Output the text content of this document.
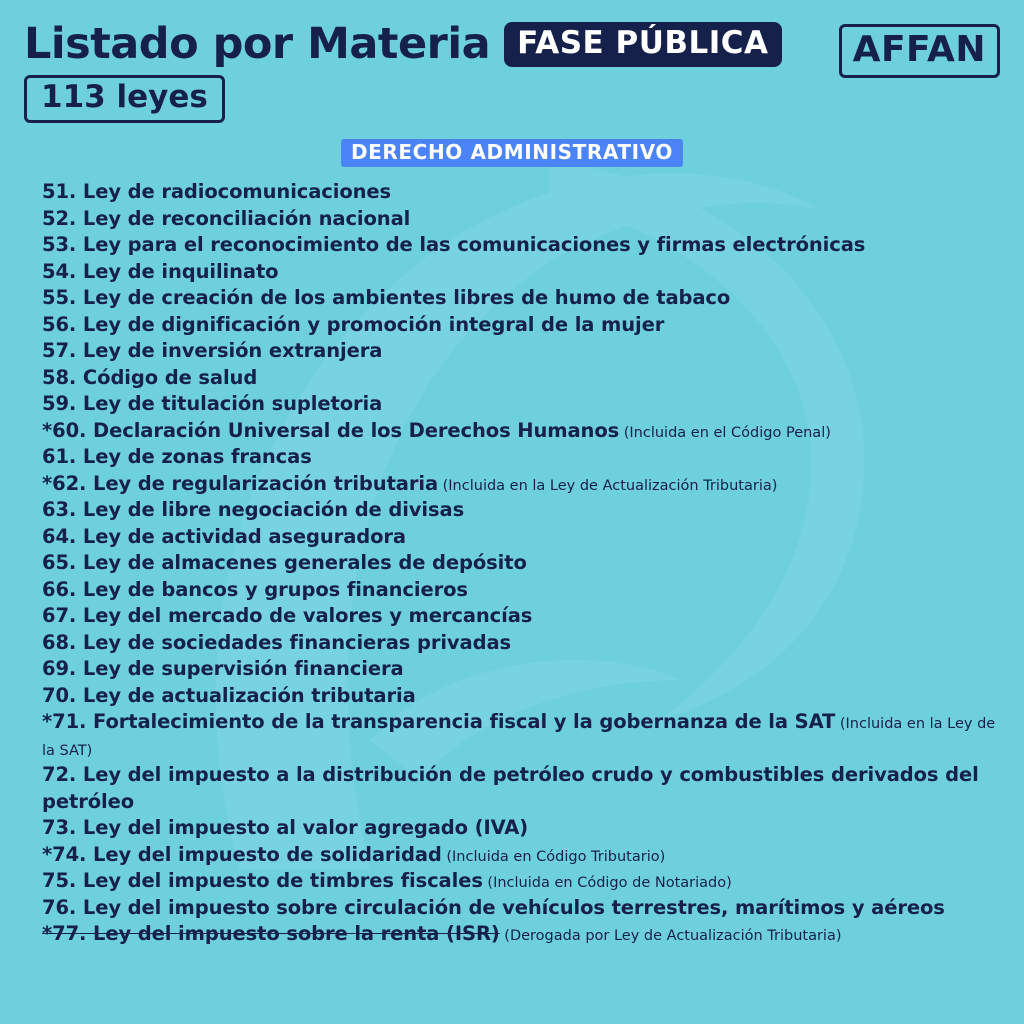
Listado por Materia FASE PÚBLICA
113 leyes
AFFAN
DERECHO ADMINISTRATIVO
51. Ley de radiocomunicaciones
52. Ley de reconciliación nacional
53. Ley para el reconocimiento de las comunicaciones y firmas electrónicas
54. Ley de inquilinato
55. Ley de creación de los ambientes libres de humo de tabaco
56. Ley de dignificación y promoción integral de la mujer
57. Ley de inversión extranjera
58. Código de salud
59. Ley de titulación supletoria
*60. Declaración Universal de los Derechos Humanos (Incluida en el Código Penal)
61. Ley de zonas francas
*62. Ley de regularización tributaria (Incluida en la Ley de Actualización Tributaria)
63. Ley de libre negociación de divisas
64. Ley de actividad aseguradora
65. Ley de almacenes generales de depósito
66. Ley de bancos y grupos financieros
67. Ley del mercado de valores y mercancías
68. Ley de sociedades financieras privadas
69. Ley de supervisión financiera
70. Ley de actualización tributaria
*71. Fortalecimiento de la transparencia fiscal y la gobernanza de la SAT (Incluida en la Ley de la SAT)
72. Ley del impuesto a la distribución de petróleo crudo y combustibles derivados del petróleo
73. Ley del impuesto al valor agregado (IVA)
*74. Ley del impuesto de solidaridad (Incluida en Código Tributario)
75. Ley del impuesto de timbres fiscales (Incluida en Código de Notariado)
76. Ley del impuesto sobre circulación de vehículos terrestres, marítimos y aéreos
*77. Ley del impuesto sobre la renta (ISR) (Derogada por Ley de Actualización Tributaria)
